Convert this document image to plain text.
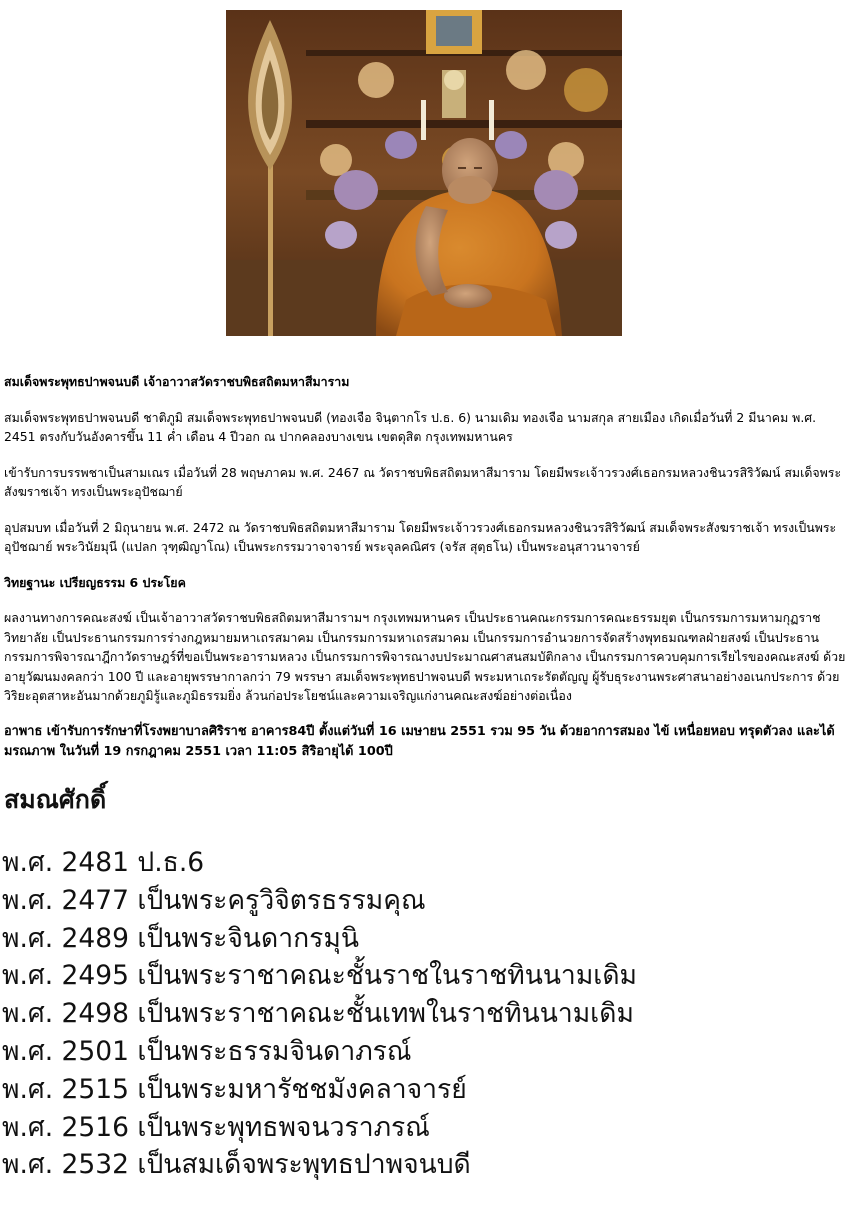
สมเด็จพระพุทธปาพจนบดี เจ้าอาวาสวัดราชบพิธสถิตมหาสีมาราม

สมเด็จพระพุทธปาพจนบดี ชาติภูมิ สมเด็จพระพุทธปาพจนบดี (ทองเจือ จินฺตากโร ป.ธ. 6) นามเดิม ทองเจือ นามสกุล สายเมือง เกิดเมื่อวันที่ 2 มีนาคม พ.ศ. 2451 ตรงกับวันอังคารขึ้น 11 ค่ำ เดือน 4 ปีวอก ณ ปากคลองบางเขน เขตดุสิต กรุงเทพมหานคร

เข้ารับการบรรพชาเป็นสามเณร เมื่อวันที่ 28 พฤษภาคม พ.ศ. 2467 ณ วัดราชบพิธสถิตมหาสีมาราม โดยมีพระเจ้าวรวงศ์เธอกรมหลวงชินวรสิริวัฒน์ สมเด็จพระสังฆราชเจ้า ทรงเป็นพระอุปัชฌาย์

อุปสมบท เมื่อวันที่ 2 มิถุนายน พ.ศ. 2472 ณ วัดราชบพิธสถิตมหาสีมาราม โดยมีพระเจ้าวรวงศ์เธอกรมหลวงชินวรสิริวัฒน์ สมเด็จพระสังฆราชเจ้า ทรงเป็นพระอุปัชฌาย์ พระวินัยมุนี (แปลก วุฑฺฒิญาโณ) เป็นพระกรรมวาจาจารย์ พระจุลคณิศร (จรัส สุตฺธโน) เป็นพระอนุสาวนาจารย์

วิทยฐานะ เปรียญธรรม 6 ประโยค

ผลงานทางการคณะสงฆ์ เป็นเจ้าอาวาสวัดราชบพิธสถิตมหาสีมารามฯ กรุงเทพมหานคร เป็นประธานคณะกรรมการคณะธรรมยุต เป็นกรรมการมหามกุฏราชวิทยาลัย เป็นประธานกรรมการร่างกฎหมายมหาเถรสมาคม เป็นกรรมการมหาเถรสมาคม เป็นกรรมการอำนวยการจัดสร้างพุทธมณฑลฝ่ายสงฆ์ เป็นประธานกรรมการพิจารณาฎีกาวัดราษฎร์ที่ขอเป็นพระอารามหลวง เป็นกรรมการพิจารณางบประมาณศาสนสมบัติกลาง เป็นกรรมการควบคุมการเรียไรของคณะสงฆ์ ด้วยอายุวัฒนมงคลกว่า 100 ปี และอายุพรรษากาลกว่า 79 พรรษา สมเด็จพระพุทธปาพจนบดี พระมหาเถระรัตตัญญู ผู้รับธุระงานพระศาสนาอย่างอเนกประการ ด้วยวิริยะอุตสาหะอันมากด้วยภูมิรู้และภูมิธรรมยิ่ง ล้วนก่อประโยชน์และความเจริญแก่งานคณะสงฆ์อย่างต่อเนื่อง

อาพาธ เข้ารับการรักษาที่โรงพยาบาลศิริราช อาคาร84ปี ตั้งแต่วันที่ 16 เมษายน 2551 รวม 95 วัน ด้วยอาการสมอง ไข้ เหนื่อยหอบ ทรุดตัวลง และได้มรณภาพ ในวันที่ 19 กรกฎาคม 2551 เวลา 11:05 สิริอายุได้ 100ปี

สมณศักดิ์
พ.ศ. 2481 ป.ธ.6
พ.ศ. 2477 เป็นพระครูวิจิตรธรรมคุณ
พ.ศ. 2489 เป็นพระจินดากรมุนิ
พ.ศ. 2495 เป็นพระราชาคณะชั้นราชในราชทินนามเดิม
พ.ศ. 2498 เป็นพระราชาคณะชั้นเทพในราชทินนามเดิม
พ.ศ. 2501 เป็นพระธรรมจินดาภรณ์
พ.ศ. 2515 เป็นพระมหารัชชมังคลาจารย์
พ.ศ. 2516 เป็นพระพุทธพจนวราภรณ์
พ.ศ. 2532 เป็นสมเด็จพระพุทธปาพจนบดี
